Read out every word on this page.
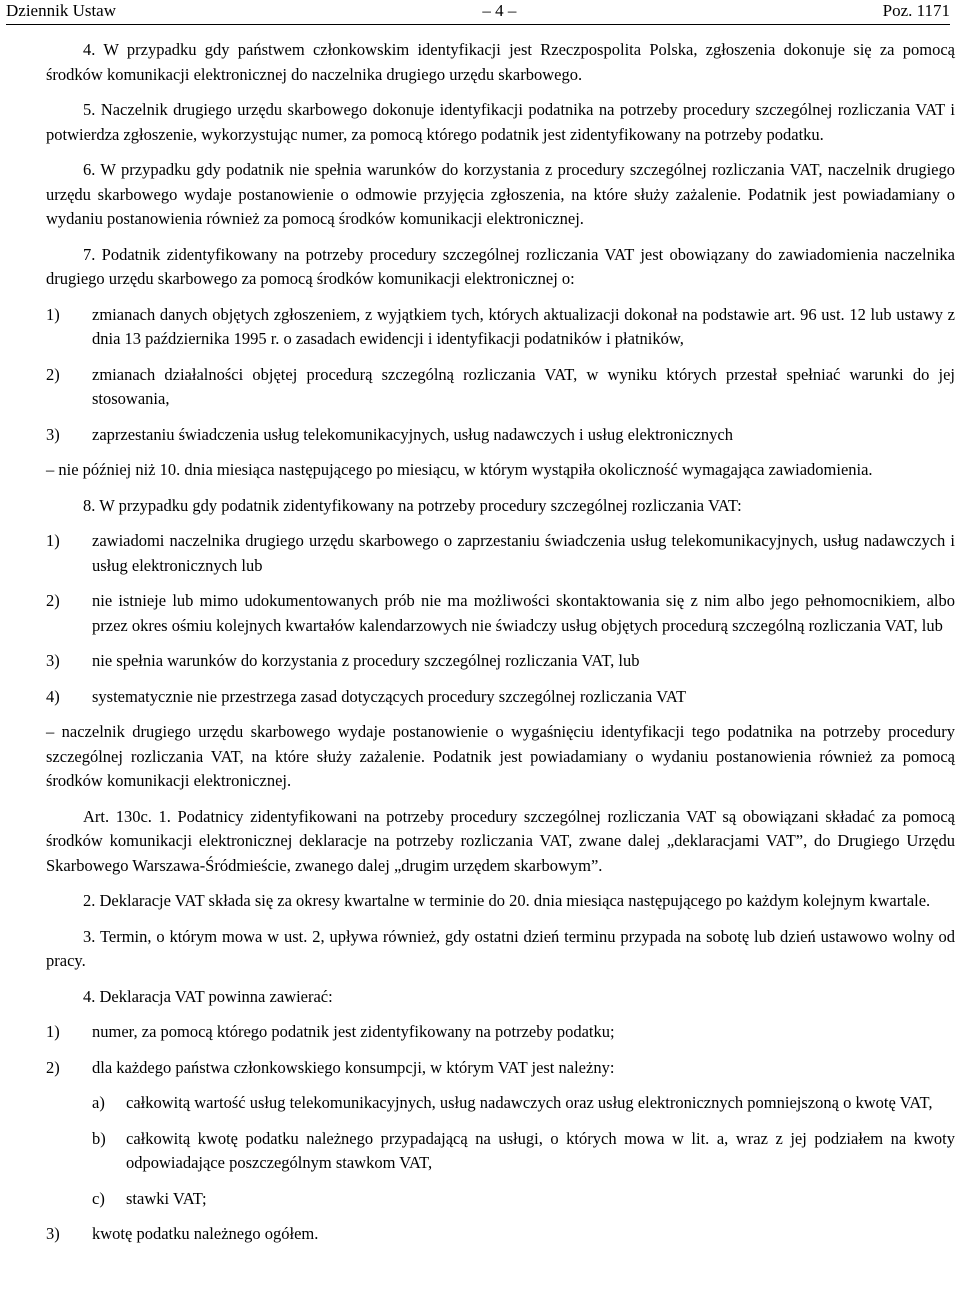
Dziennik Ustaw	– 4 –	Poz. 1171

4. W przypadku gdy państwem członkowskim identyfikacji jest Rzeczpospolita Polska, zgłoszenia dokonuje się za pomocą środków komunikacji elektronicznej do naczelnika drugiego urzędu skarbowego.

5. Naczelnik drugiego urzędu skarbowego dokonuje identyfikacji podatnika na potrzeby procedury szczególnej rozliczania VAT i potwierdza zgłoszenie, wykorzystując numer, za pomocą którego podatnik jest zidentyfikowany na potrzeby podatku.

6. W przypadku gdy podatnik nie spełnia warunków do korzystania z procedury szczególnej rozliczania VAT, naczelnik drugiego urzędu skarbowego wydaje postanowienie o odmowie przyjęcia zgłoszenia, na które służy zażalenie. Podatnik jest powiadamiany o wydaniu postanowienia również za pomocą środków komunikacji elektronicznej.

7. Podatnik zidentyfikowany na potrzeby procedury szczególnej rozliczania VAT jest obowiązany do zawiadomienia naczelnika drugiego urzędu skarbowego za pomocą środków komunikacji elektronicznej o:

1)	zmianach danych objętych zgłoszeniem, z wyjątkiem tych, których aktualizacji dokonał na podstawie art. 96 ust. 12 lub ustawy z dnia 13 października 1995 r. o zasadach ewidencji i identyfikacji podatników i płatników,
2)	zmianach działalności objętej procedurą szczególną rozliczania VAT, w wyniku których przestał spełniać warunki do jej stosowania,
3)	zaprzestaniu świadczenia usług telekomunikacyjnych, usług nadawczych i usług elektronicznych

– nie później niż 10. dnia miesiąca następującego po miesiącu, w którym wystąpiła okoliczność wymagająca zawiadomienia.

8. W przypadku gdy podatnik zidentyfikowany na potrzeby procedury szczególnej rozliczania VAT:

1)	zawiadomi naczelnika drugiego urzędu skarbowego o zaprzestaniu świadczenia usług telekomunikacyjnych, usług nadawczych i usług elektronicznych lub
2)	nie istnieje lub mimo udokumentowanych prób nie ma możliwości skontaktowania się z nim albo jego pełnomocnikiem, albo przez okres ośmiu kolejnych kwartałów kalendarzowych nie świadczy usług objętych procedurą szczególną rozliczania VAT, lub
3)	nie spełnia warunków do korzystania z procedury szczególnej rozliczania VAT, lub
4)	systematycznie nie przestrzega zasad dotyczących procedury szczególnej rozliczania VAT

– naczelnik drugiego urzędu skarbowego wydaje postanowienie o wygaśnięciu identyfikacji tego podatnika na potrzeby procedury szczególnej rozliczania VAT, na które służy zażalenie. Podatnik jest powiadamiany o wydaniu postanowienia również za pomocą środków komunikacji elektronicznej.

Art. 130c. 1. Podatnicy zidentyfikowani na potrzeby procedury szczególnej rozliczania VAT są obowiązani składać za pomocą środków komunikacji elektronicznej deklaracje na potrzeby rozliczania VAT, zwane dalej „deklaracjami VAT”, do Drugiego Urzędu Skarbowego Warszawa-Śródmieście, zwanego dalej „drugim urzędem skarbowym”.

2. Deklaracje VAT składa się za okresy kwartalne w terminie do 20. dnia miesiąca następującego po każdym kolejnym kwartale.

3. Termin, o którym mowa w ust. 2, upływa również, gdy ostatni dzień terminu przypada na sobotę lub dzień ustawowo wolny od pracy.

4. Deklaracja VAT powinna zawierać:

1)	numer, za pomocą którego podatnik jest zidentyfikowany na potrzeby podatku;
2)	dla każdego państwa członkowskiego konsumpcji, w którym VAT jest należny:
a)	całkowitą wartość usług telekomunikacyjnych, usług nadawczych oraz usług elektronicznych pomniejszoną o kwotę VAT,
b)	całkowitą kwotę podatku należnego przypadającą na usługi, o których mowa w lit. a, wraz z jej podziałem na kwoty odpowiadające poszczególnym stawkom VAT,
c)	stawki VAT;
3)	kwotę podatku należnego ogółem.
